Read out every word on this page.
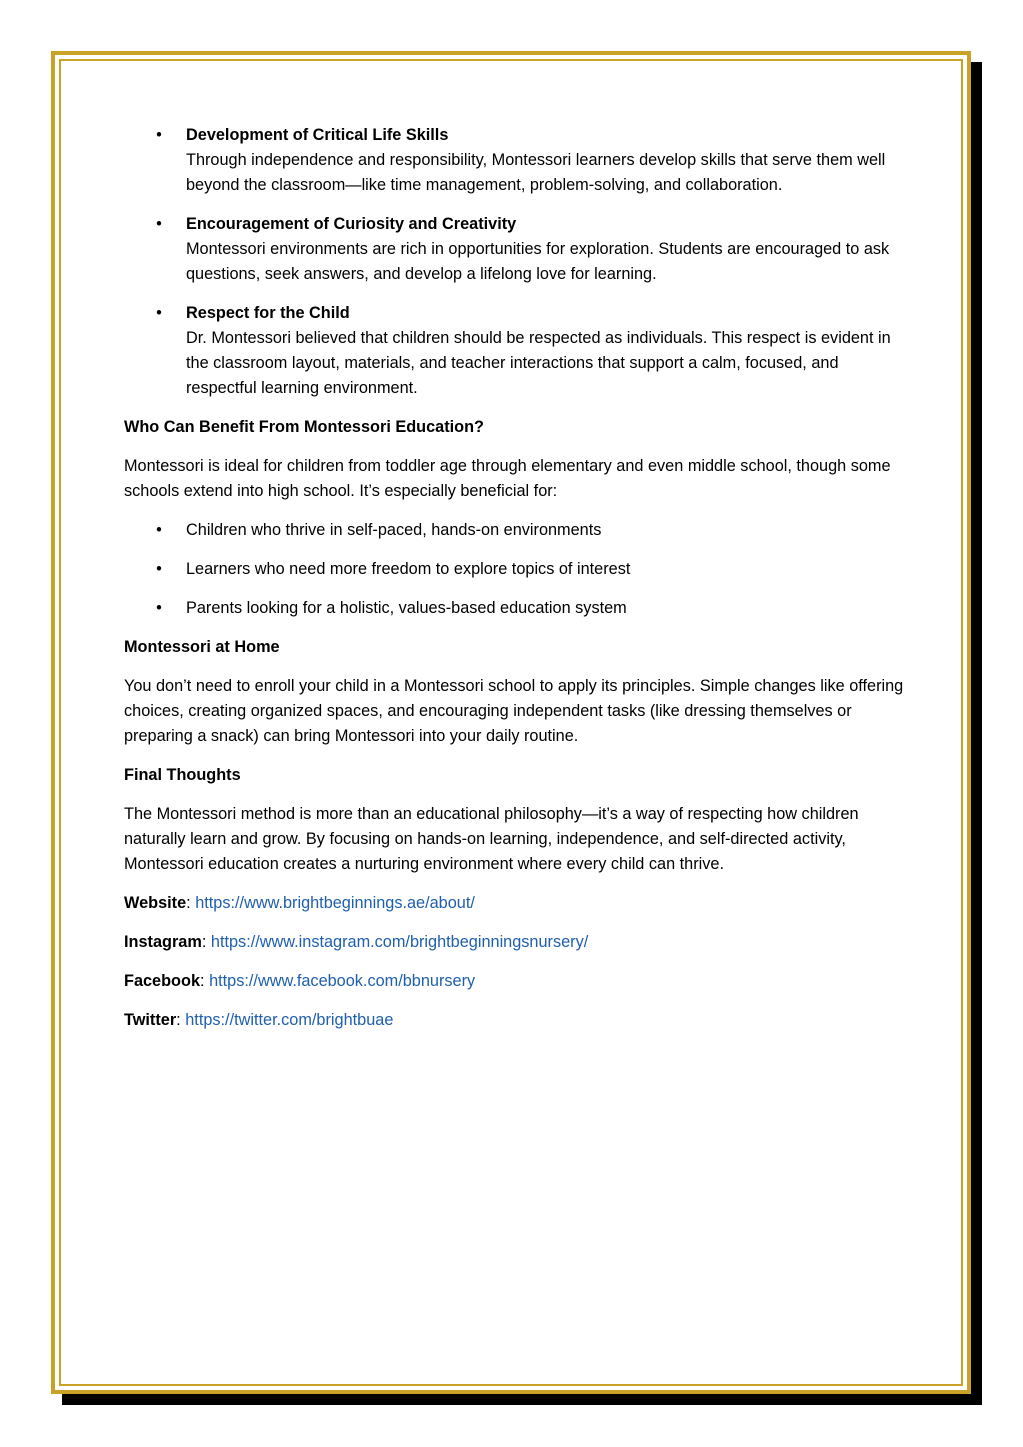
• Development of Critical Life Skills
Through independence and responsibility, Montessori learners develop skills that serve them well beyond the classroom—like time management, problem-solving, and collaboration.
• Encouragement of Curiosity and Creativity
Montessori environments are rich in opportunities for exploration. Students are encouraged to ask questions, seek answers, and develop a lifelong love for learning.
• Respect for the Child
Dr. Montessori believed that children should be respected as individuals. This respect is evident in the classroom layout, materials, and teacher interactions that support a calm, focused, and respectful learning environment.
Who Can Benefit From Montessori Education?

Montessori is ideal for children from toddler age through elementary and even middle school, though some schools extend into high school. It’s especially beneficial for:

• Children who thrive in self-paced, hands-on environments
• Learners who need more freedom to explore topics of interest
• Parents looking for a holistic, values-based education system
Montessori at Home

You don’t need to enroll your child in a Montessori school to apply its principles. Simple changes like offering choices, creating organized spaces, and encouraging independent tasks (like dressing themselves or preparing a snack) can bring Montessori into your daily routine.

Final Thoughts

The Montessori method is more than an educational philosophy—it’s a way of respecting how children naturally learn and grow. By focusing on hands-on learning, independence, and self-directed activity, Montessori education creates a nurturing environment where every child can thrive.

Website: https://www.brightbeginnings.ae/about/
Instagram: https://www.instagram.com/brightbeginningsnursery/
Facebook: https://www.facebook.com/bbnursery
Twitter: https://twitter.com/brightbuae
